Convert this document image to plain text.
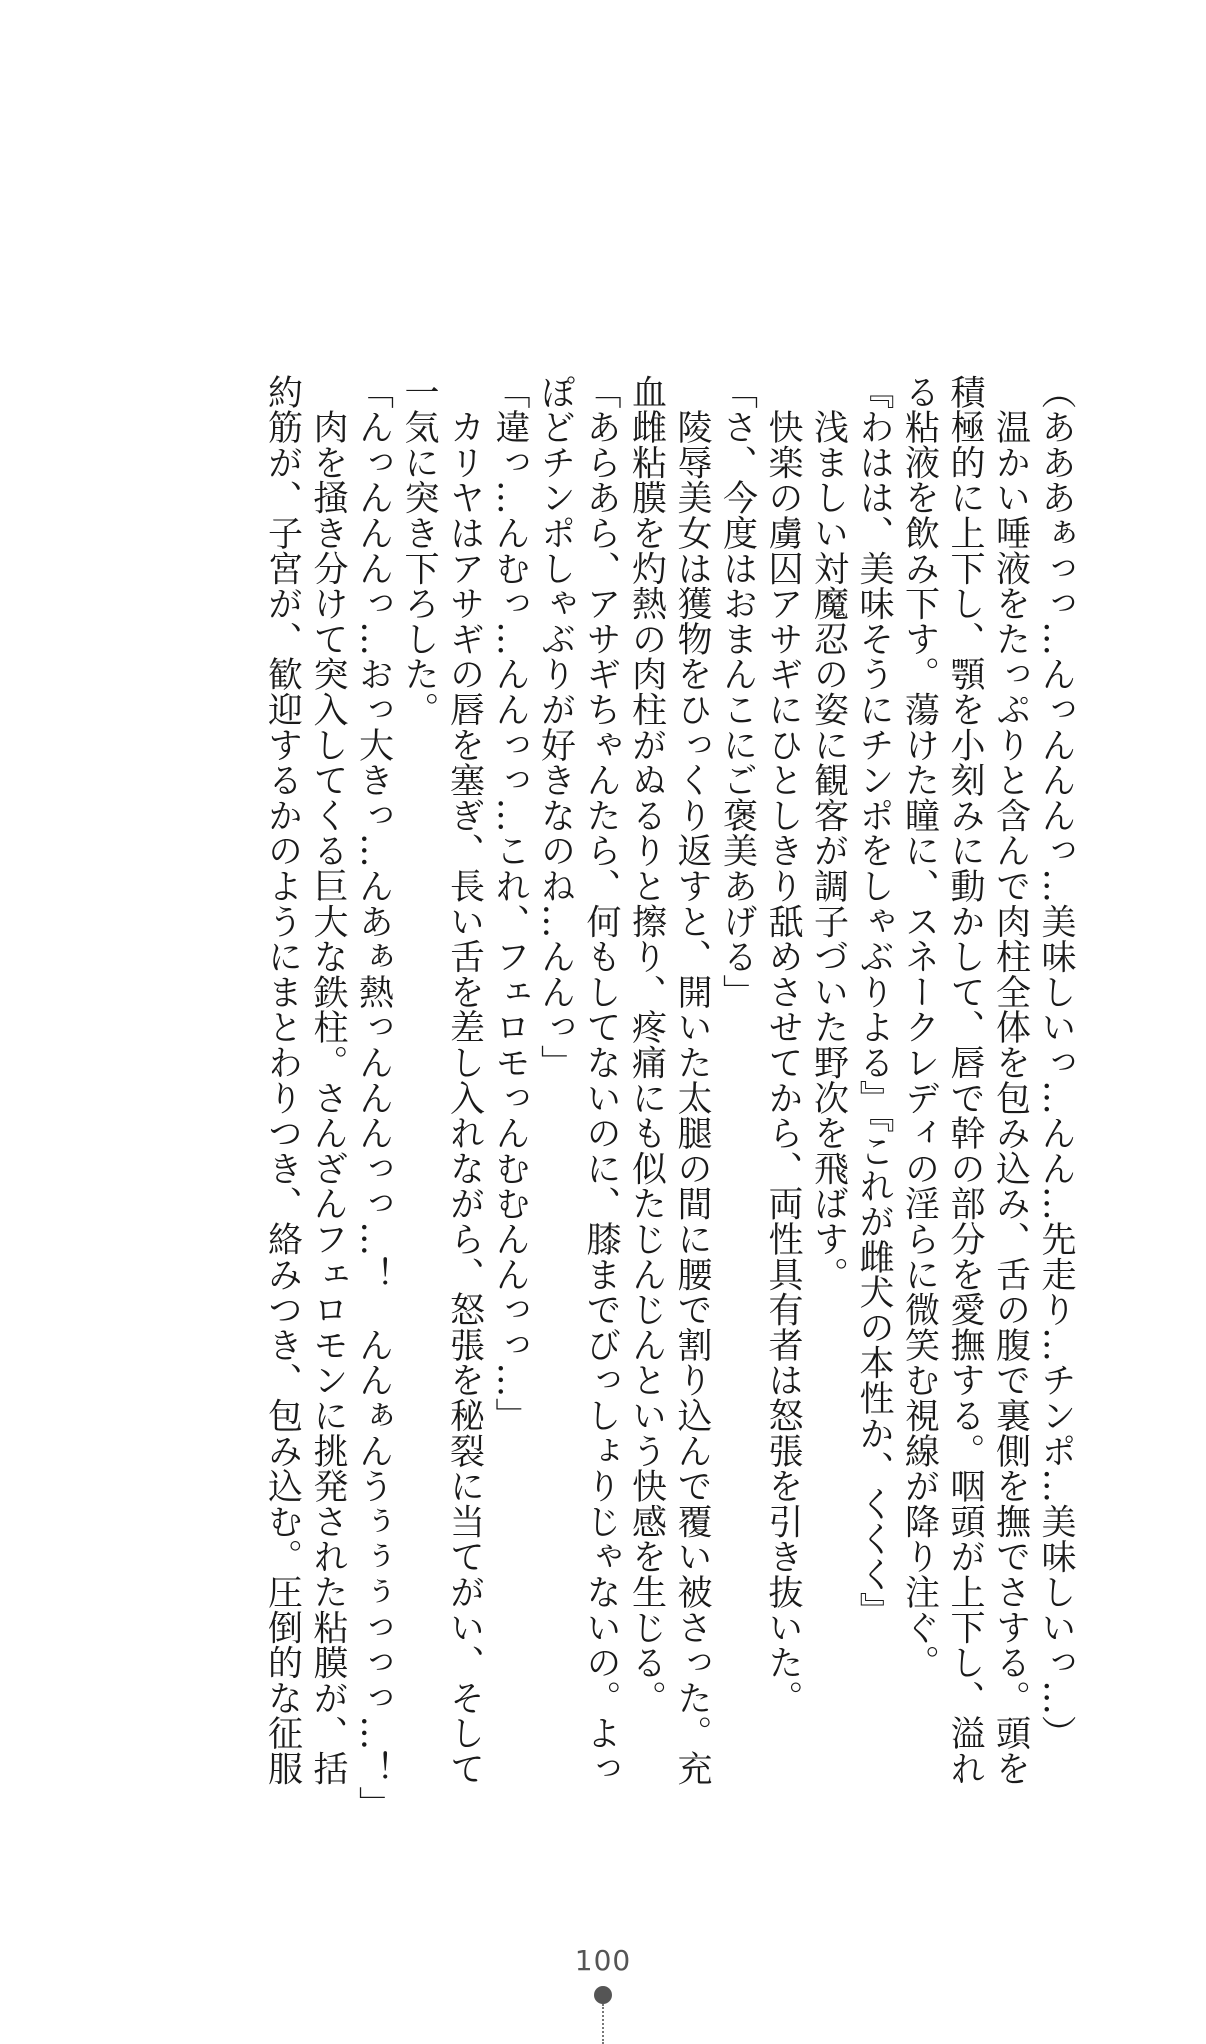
（あああぁっっ…んっんんんっ…美味しいっ…んん…先走り…チンポ…美味しいっ…）
　温かい唾液をたっぷりと含んで肉柱全体を包み込み、舌の腹で裏側を撫でさする。頭を
積極的に上下し、顎を小刻みに動かして、唇で幹の部分を愛撫する。咽頭が上下し、溢れ
る粘液を飲み下す。蕩けた瞳に、スネークレディの淫らに微笑む視線が降り注ぐ。
『わはは、美味そうにチンポをしゃぶりよる』『これが雌犬の本性か、くくく』
　浅ましい対魔忍の姿に観客が調子づいた野次を飛ばす。
　快楽の虜囚アサギにひとしきり舐めさせてから、両性具有者は怒張を引き抜いた。
「さ、今度はおまんこにご褒美あげる」
　陵辱美女は獲物をひっくり返すと、開いた太腿の間に腰で割り込んで覆い被さった。充
血雌粘膜を灼熱の肉柱がぬるりと擦り、疼痛にも似たじんじんという快感を生じる。
「あらあら、アサギちゃんたら、何もしてないのに、膝までびっしょりじゃないの。よっ
ぽどチンポしゃぶりが好きなのね…んんっ」
「違っ…んむっ…んんっっ…これ、フェロモっんむむんんっっ…」
　カリヤはアサギの唇を塞ぎ、長い舌を差し入れながら、怒張を秘裂に当てがい、そして
一気に突き下ろした。
「んっんんんっ…おっ大きっ…んあぁ熱っんんんっっ…！　んんぁんうぅぅぅっっっ…！」
　肉を掻き分けて突入してくる巨大な鉄柱。さんざんフェロモンに挑発された粘膜が、括
約筋が、子宮が、歓迎するかのようにまとわりつき、絡みつき、包み込む。圧倒的な征服
100
